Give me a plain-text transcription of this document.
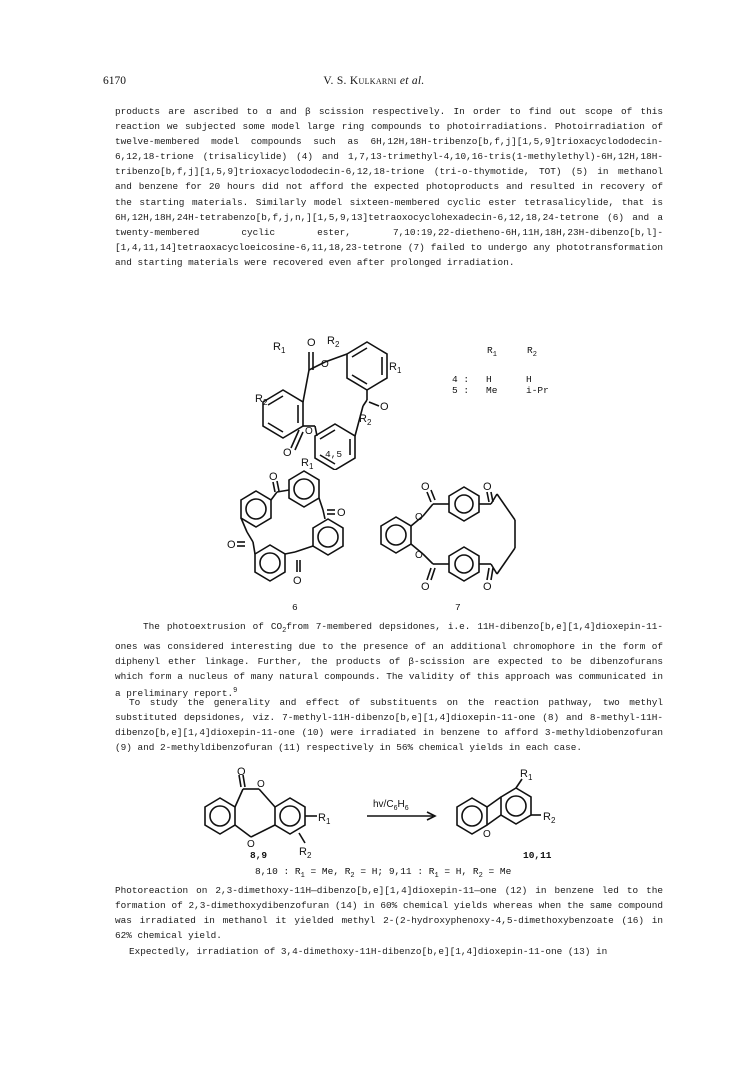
6170	V. S. Kulkarni et al.

products are ascribed to α and β scission respectively. In order to find out scope of this reaction we subjected some model large ring compounds to photoirradiations. Photoirradiation of twelve-membered model compounds such as 6H,12H,18H-tribenzo[b,f,j][1,5,9]trioxacyclododecin-6,12,18-trione (trisalicylide) (4) and 1,7,13-trimethyl-4,10,16-tris(1-methylethyl)-6H,12H,18H-tribenzo[b,f,j][1,5,9]trioxacyclododecin-6,12,18-trione (tri-o-thymotide, TOT) (5) in methanol and benzene for 20 hours did not afford the expected photoproducts and resulted in recovery of the starting materials. Similarly model sixteen-membered cyclic ester tetrasalicylide, that is 6H,12H,18H,24H-tetrabenzo[b,f,j,n,][1,5,9,13]tetraoxocyclohexadecin-6,12,18,24-tetrone (6) and a twenty-membered cyclic ester, 7,10:19,22-dietheno-6H,11H,18H,23H-dibenzo[b,l]-[1,4,11,14]tetraoxacycloeicosine-6,11,18,23-tetrone (7) failed to undergo any phototransformation and starting materials were recovered even after prolonged irradiation.

O
O
O
O
O
$R_1$
$R_2$
$R_1$
$R_2$
$R_2$
$R_1$
4,5
$R_1$	$R_2$
4 : H	H
5 : Me	i-Pr
O
O
O
O
6
O	O
O
O
O	O
7

The photoextrusion of $CO_2from$ 7-membered depsidones, i.e. 11H-dibenzo[b,e][1,4]dioxepin-11-ones was considered interesting due to the presence of an additional chromophore in the form of diphenyl ether linkage. Further, the products of β-scission are expected to be dibenzofurans which form a nucleus of many natural compounds. The validity of this approach was communicated in a preliminary report.$^9$

To study the generality and effect of substituents on the reaction pathway, two methyl substituted depsidones, viz. 7-methyl-11H-dibenzo[b,e][1,4]dioxepin-11-one (8) and 8-methyl-11H-dibenzo[b,e][1,4]dioxepin-11-one (10) were irradiated in benzene to afford 3-methyldiobenzofuran (9) and 2-methyldibenzofuran (11) respectively in 56% chemical yields in each case.

O
O
O
$R_1$
$R_2$
$hv/C_6H_6$
O
$R_1$
$R_2$
8,9	10,11
8,10 : $R_1 = Me$, $R_2 = H$; 9,11 : $R_1 = H$, $R_2 = Me$

Photoreaction on 2,3-dimethoxy-11H—dibenzo[b,e][1,4]dioxepin-11—one (12) in benzene led to the formation of 2,3-dimethoxydibenzofuran (14) in 60% chemical yields whereas when the same compound was irradiated in methanol it yielded methyl 2-(2-hydroxyphenoxy-4,5-dimethoxybenzoate (16) in 62% chemical yield.

Expectedly, irradiation of 3,4-dimethoxy-11H-dibenzo[b,e][1,4]dioxepin-11-one (13) in
